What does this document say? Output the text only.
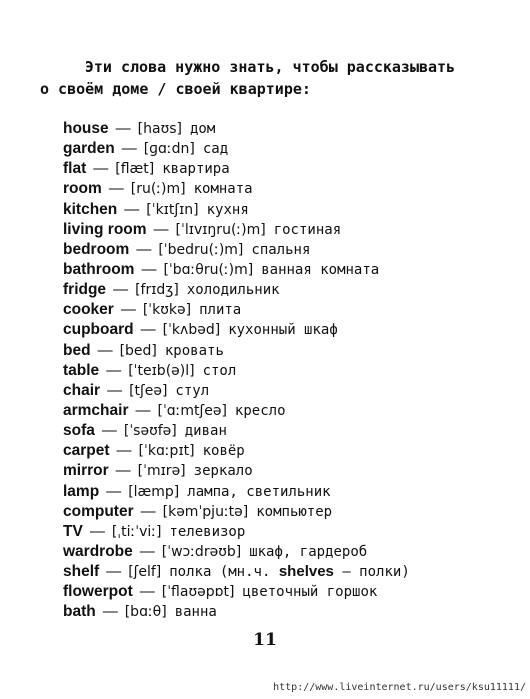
Эти слова нужно знать, чтобы рассказывать
о своём доме / своей квартире:
house — [haʊs] дом
garden — [ɡɑːdn] сад
flat — [flæt] квартира
room — [ru(ː)m] комната
kitchen — [ˈkɪtʃɪn] кухня
living room — [ˈlɪvɪŋru(ː)m] гостиная
bedroom — [ˈbedru(ː)m] спальня
bathroom — [ˈbɑːθru(ː)m] ванная комната
fridge — [frɪdʒ] холодильник
cooker — [ˈkʊkə] плита
cupboard — [ˈkʌbəd] кухонный шкаф
bed — [bed] кровать
table — [ˈteɪb(ə)l] стол
chair — [tʃeə] стул
armchair — [ˈɑːmtʃeə] кресло
sofa — [ˈsəʊfə] диван
carpet — [ˈkɑːpɪt] ковёр
mirror — [ˈmɪrə] зеркало
lamp — [læmp] лампа, светильник
computer — [kəmˈpjuːtə] компьютер
TV — [ˌtiːˈviː] телевизор
wardrobe — [ˈwɔːdrəʊb] шкаф, гардероб
shelf — [ʃelf] полка (мн.ч. shelves — полки)
flowerpot — [ˈflaʊəpɒt] цветочный горшок
bath — [bɑːθ] ванна
11
http://www.liveinternet.ru/users/ksu11111/
